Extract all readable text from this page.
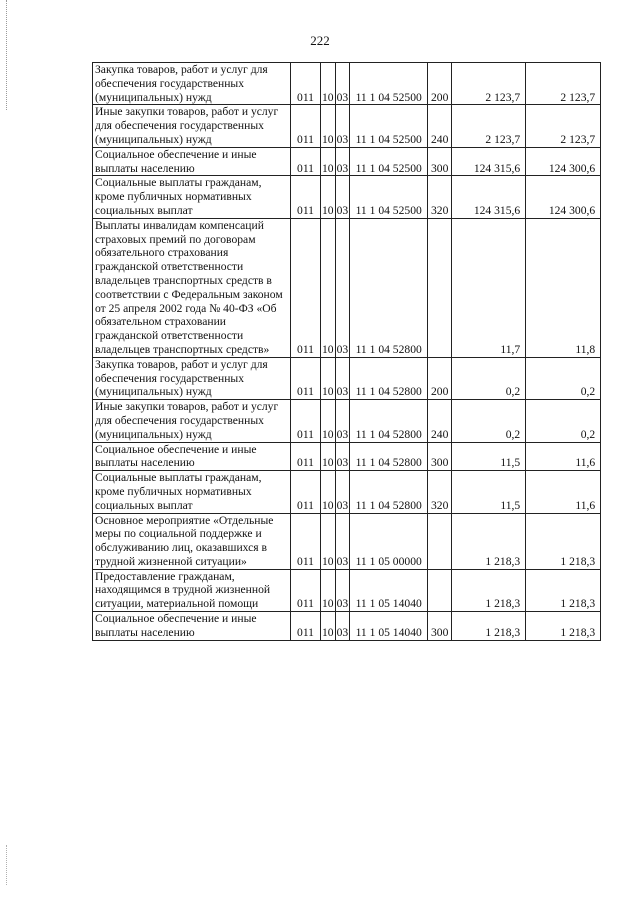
222
Закупка товаров, работ и услуг для обеспечения государственных (муниципальных) нужд	011	10	03	11 1 04 52500	200	2 123,7	2 123,7
Иные закупки товаров, работ и услуг для обеспечения государственных (муниципальных) нужд	011	10	03	11 1 04 52500	240	2 123,7	2 123,7
Социальное обеспечение и иные выплаты населению	011	10	03	11 1 04 52500	300	124 315,6	124 300,6
Социальные выплаты гражданам, кроме публичных нормативных социальных выплат	011	10	03	11 1 04 52500	320	124 315,6	124 300,6
Выплаты инвалидам компенсаций страховых премий по договорам обязательного страхования гражданской ответственности владельцев транспортных средств в соответствии с Федеральным законом от 25 апреля 2002 года № 40-ФЗ «Об обязательном страховании гражданской ответственности владельцев транспортных средств»	011	10	03	11 1 04 52800		11,7	11,8
Закупка товаров, работ и услуг для обеспечения государственных (муниципальных) нужд	011	10	03	11 1 04 52800	200	0,2	0,2
Иные закупки товаров, работ и услуг для обеспечения государственных (муниципальных) нужд	011	10	03	11 1 04 52800	240	0,2	0,2
Социальное обеспечение и иные выплаты населению	011	10	03	11 1 04 52800	300	11,5	11,6
Социальные выплаты гражданам, кроме публичных нормативных социальных выплат	011	10	03	11 1 04 52800	320	11,5	11,6
Основное мероприятие «Отдельные меры по социальной поддержке и обслуживанию лиц, оказавшихся в трудной жизненной ситуации»	011	10	03	11 1 05 00000		1 218,3	1 218,3
Предоставление гражданам, находящимся в трудной жизненной ситуации, материальной помощи	011	10	03	11 1 05 14040		1 218,3	1 218,3
Социальное обеспечение и иные выплаты населению	011	10	03	11 1 05 14040	300	1 218,3	1 218,3
